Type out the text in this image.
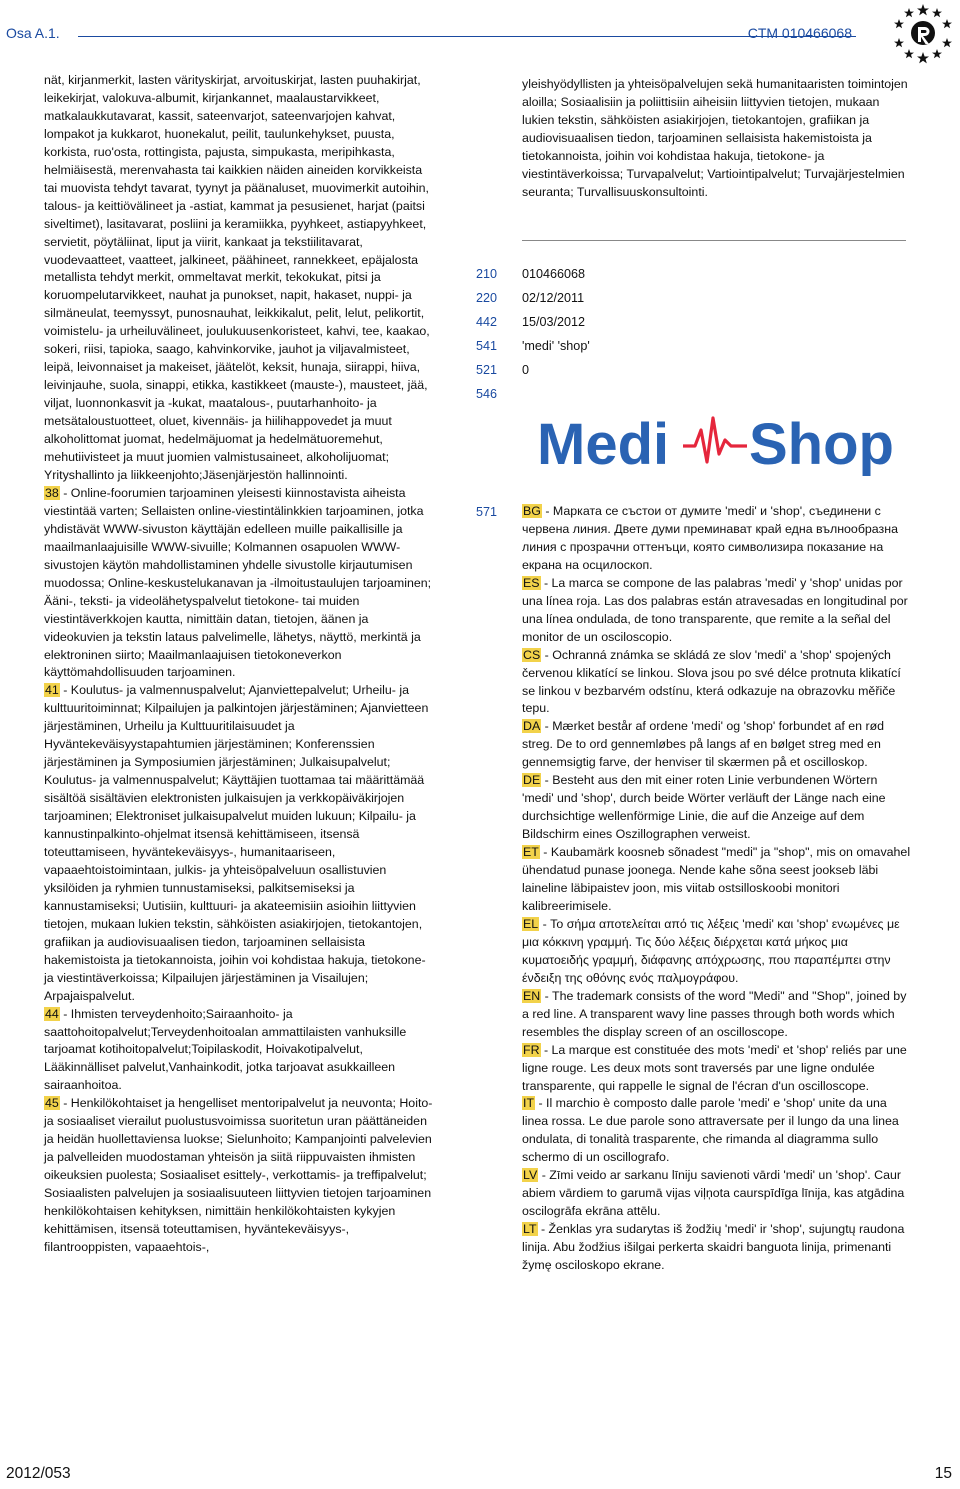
Osa A.1.	CTM 010466068

nät, kirjanmerkit, lasten värityskirjat, arvoituskirjat, lasten puuhakirjat, leikekirjat, valokuva-albumit, kirjankannet, maalaustarvikkeet, matkalaukkutavarat, kassit, sateenvarjot, sateenvarjojen kahvat, lompakot ja kukkarot, huonekalut, peilit, taulunkehykset, puusta, korkista, ruo'osta, rottingista, pajusta, simpukasta, meripihkasta, helmiäisestä, merenvahasta tai kaikkien näiden aineiden korvikkeista tai muovista tehdyt tavarat, tyynyt ja päänaluset, muovimerkit autoihin, talous- ja keittiövälineet ja -astiat, kammat ja pesusienet, harjat (paitsi siveltimet), lasitavarat, posliini ja keramiikka, pyyhkeet, astiapyyhkeet, servietit, pöytäliinat, liput ja viirit, kankaat ja tekstiilitavarat, vuodevaatteet, vaatteet, jalkineet, päähineet, rannekkeet, epäjalosta metallista tehdyt merkit, ommeltavat merkit, tekokukat, pitsi ja koruompelutarvikkeet, nauhat ja punokset, napit, hakaset, nuppi- ja silmäneulat, teemyssyt, punosnauhat, leikkikalut, pelit, lelut, pelikortit, voimistelu- ja urheiluvälineet, joulukuusenkoristeet, kahvi, tee, kaakao, sokeri, riisi, tapioka, saago, kahvinkorvike, jauhot ja viljavalmisteet, leipä, leivonnaiset ja makeiset, jäätelöt, keksit, hunaja, siirappi, hiiva, leivinjauhe, suola, sinappi, etikka, kastikkeet (mauste-), mausteet, jää, viljat, luonnonkasvit ja -kukat, maatalous-, puutarhanhoito- ja metsätaloustuotteet, oluet, kivennäis- ja hiilihappovedet ja muut alkoholittomat juomat, hedelmäjuomat ja hedelmätuoremehut, mehutiivisteet ja muut juomien valmistusaineet, alkoholijuomat; Yrityshallinto ja liikkeenjohto;Jäsenjärjestön hallinnointi.

38 - Online-foorumien tarjoaminen yleisesti kiinnostavista aiheista viestintää varten; Sellaisten online-viestintälinkkien tarjoaminen, jotka yhdistävät WWW-sivuston käyttäjän edelleen muille paikallisille ja maailmanlaajuisille WWW-sivuille; Kolmannen osapuolen WWW-sivustojen käytön mahdollistaminen yhdelle sivustolle kirjautumisen muodossa; Online-keskustelukanavan ja -ilmoitustaulujen tarjoaminen; Ääni-, teksti- ja videolähetyspalvelut tietokone- tai muiden viestintäverkkojen kautta, nimittäin datan, tietojen, äänen ja videokuvien ja tekstin lataus palvelimelle, lähetys, näyttö, merkintä ja elektroninen siirto; Maailmanlaajuisen tietokoneverkon käyttömahdollisuuden tarjoaminen.

41 - Koulutus- ja valmennuspalvelut; Ajanviettepalvelut; Urheilu- ja kulttuuritoiminnat; Kilpailujen ja palkintojen järjestäminen; Ajanvietteen järjestäminen, Urheilu ja Kulttuuritilaisuudet ja Hyväntekeväisyystapahtumien järjestäminen; Konferenssien järjestäminen ja Symposiumien järjestäminen; Julkaisupalvelut; Koulutus- ja valmennuspalvelut; Käyttäjien tuottamaa tai määrittämää sisältöä sisältävien elektronisten julkaisujen ja verkkopäiväkirjojen tarjoaminen; Elektroniset julkaisupalvelut muiden lukuun; Kilpailu- ja kannustinpalkinto-ohjelmat itsensä kehittämiseen, itsensä toteuttamiseen, hyväntekeväisyys-, humanitaariseen, vapaaehtoistoimintaan, julkis- ja yhteisöpalveluun osallistuvien yksilöiden ja ryhmien tunnustamiseksi, palkitsemiseksi ja kannustamiseksi; Uutisiin, kulttuuri- ja akateemisiin asioihin liittyvien tietojen, mukaan lukien tekstin, sähköisten asiakirjojen, tietokantojen, grafiikan ja audiovisuaalisen tiedon, tarjoaminen sellaisista hakemistoista ja tietokannoista, joihin voi kohdistaa hakuja, tietokone- ja viestintäverkoissa; Kilpailujen järjestäminen ja Visailujen; Arpajaispalvelut.

44 - Ihmisten terveydenhoito;Sairaanhoito- ja saattohoitopalvelut;Terveydenhoitoalan ammattilaisten vanhuksille tarjoamat kotihoitopalvelut;Toipilaskodit, Hoivakotipalvelut, Lääkinnälliset palvelut,Vanhainkodit, jotka tarjoavat asukkailleen sairaanhoitoa.

45 - Henkilökohtaiset ja hengelliset mentoripalvelut ja neuvonta; Hoito- ja sosiaaliset vierailut puolustusvoimissa suoritetun uran päättäneiden ja heidän huollettaviensa luokse; Sielunhoito; Kampanjointi palvelevien ja palvelleiden muodostaman yhteisön ja siitä riippuvaisten ihmisten oikeuksien puolesta; Sosiaaliset esittely-, verkottamis- ja treffipalvelut; Sosiaalisten palvelujen ja sosiaalisuuteen liittyvien tietojen tarjoaminen henkilökohtaisen kehityksen, nimittäin henkilökohtaisten kykyjen kehittämisen, itsensä toteuttamisen, hyväntekeväisyys-, filantrooppisten, vapaaehtois-,

yleishyödyllisten ja yhteisöpalvelujen sekä humanitaaristen toimintojen aloilla; Sosiaalisiin ja poliittisiin aiheisiin liittyvien tietojen, mukaan lukien tekstin, sähköisten asiakirjojen, tietokantojen, grafiikan ja audiovisuaalisen tiedon, tarjoaminen sellaisista hakemistoista ja tietokannoista, joihin voi kohdistaa hakuja, tietokone- ja viestintäverkoissa; Turvapalvelut; Vartiointipalvelut; Turvajärjestelmien seuranta; Turvallisuuskonsultointi.

210	010466068
220	02/12/2011
442	15/03/2012
541	'medi' 'shop'
521	0
546
Medi Shop
571 BG - Марката се състои от думите 'medi' и 'shop', съединени с червена линия. Двете думи преминават край една вълнообразна линия с прозрачни оттенъци, която символизира показание на екрана на осцилоскоп.

ES - La marca se compone de las palabras 'medi' y 'shop' unidas por una línea roja. Las dos palabras están atravesadas en longitudinal por una línea ondulada, de tono transparente, que remite a la señal del monitor de un osciloscopio.

CS - Ochranná známka se skládá ze slov 'medi' a 'shop' spojených červenou klikatící se linkou. Slova jsou po své délce protnuta klikatící se linkou v bezbarvém odstínu, která odkazuje na obrazovku měřiče tepu.

DA - Mærket består af ordene 'medi' og 'shop' forbundet af en rød streg. De to ord gennemløbes på langs af en bølget streg med en gennemsigtig farve, der henviser til skærmen på et oscilloskop.

DE - Besteht aus den mit einer roten Linie verbundenen Wörtern 'medi' und 'shop', durch beide Wörter verläuft der Länge nach eine durchsichtige wellenförmige Linie, die auf die Anzeige auf dem Bildschirm eines Oszillographen verweist.

ET - Kaubamärk koosneb sõnadest "medi" ja "shop", mis on omavahel ühendatud punase joonega. Nende kahe sõna seest jookseb läbi laineline läbipaistev joon, mis viitab ostsilloskoobi monitori kalibreerimisele.

EL - Το σήμα αποτελείται από τις λέξεις 'medi' και 'shop' ενωμένες με μια κόκκινη γραμμή. Τις δύο λέξεις διέρχεται κατά μήκος μια κυματοειδής γραμμή, διάφανης απόχρωσης, που παραπέμπει στην ένδειξη της οθόνης ενός παλμογράφου.

EN - The trademark consists of the word "Medi" and "Shop", joined by a red line. A transparent wavy line passes through both words which resembles the display screen of an oscilloscope.

FR - La marque est constituée des mots 'medi' et 'shop' reliés par une ligne rouge. Les deux mots sont traversés par une ligne ondulée transparente, qui rappelle le signal de l'écran d'un oscilloscope.

IT - Il marchio è composto dalle parole 'medi' e 'shop' unite da una linea rossa. Le due parole sono attraversate per il lungo da una linea ondulata, di tonalità trasparente, che rimanda al diagramma sullo schermo di un oscillografo.

LV - Zīmi veido ar sarkanu līniju savienoti vārdi 'medi' un 'shop'. Caur abiem vārdiem to garumā vijas viļņota caurspīdīga līnija, kas atgādina oscilogrāfa ekrāna attēlu.

LT - Ženklas yra sudarytas iš žodžių 'medi' ir 'shop', sujungtų raudona linija. Abu žodžius išilgai perkerta skaidri banguota linija, primenanti žymę osciloskopo ekrane.

2012/053	15
